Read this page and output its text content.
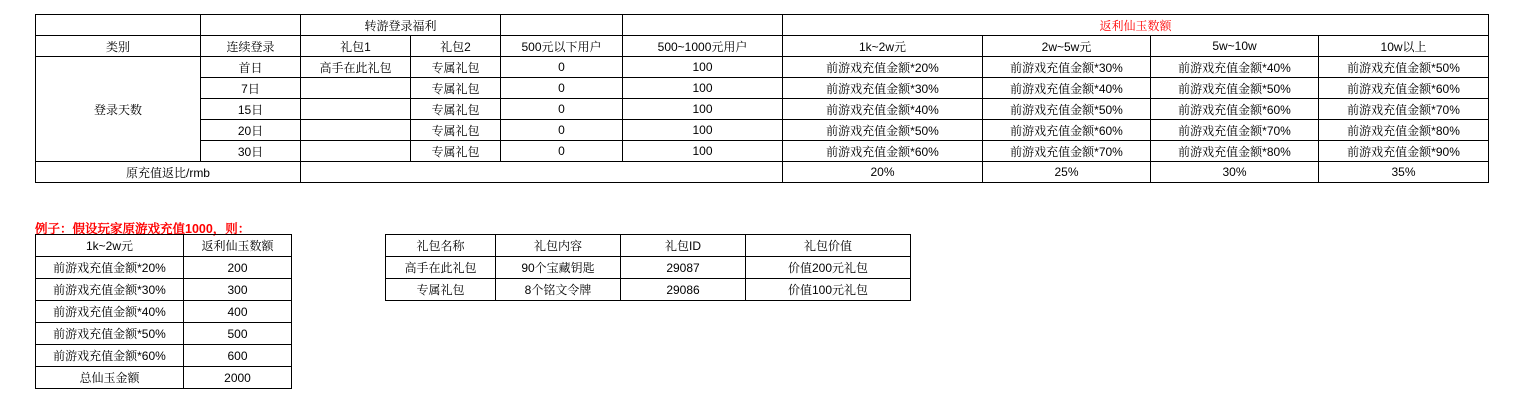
		转游登录福利				返利仙玉数额			
类别	连续登录	礼包1	礼包2	500元以下用户	500~1000元用户	1k~2w元	2w~5w元	5w~10w	10w以上
登录天数	首日	高手在此礼包	专属礼包	0	100	前游戏充值金额*20%	前游戏充值金额*30%	前游戏充值金额*40%	前游戏充值金额*50%
	7日		专属礼包	0	100	前游戏充值金额*30%	前游戏充值金额*40%	前游戏充值金额*50%	前游戏充值金额*60%
	15日		专属礼包	0	100	前游戏充值金额*40%	前游戏充值金额*50%	前游戏充值金额*60%	前游戏充值金额*70%
	20日		专属礼包	0	100	前游戏充值金额*50%	前游戏充值金额*60%	前游戏充值金额*70%	前游戏充值金额*80%
	30日		专属礼包	0	100	前游戏充值金额*60%	前游戏充值金额*70%	前游戏充值金额*80%	前游戏充值金额*90%
原充值返比/rmb						20%	25%	30%	35%
例子：假设玩家原游戏充值1000，则：
1k~2w元	返利仙玉数额
前游戏充值金额*20%	200
前游戏充值金额*30%	300
前游戏充值金额*40%	400
前游戏充值金额*50%	500
前游戏充值金额*60%	600
总仙玉金额	2000
礼包名称	礼包内容	礼包ID	礼包价值
高手在此礼包	90个宝藏钥匙	29087	价值200元礼包
专属礼包	8个铭文令牌	29086	价值100元礼包
